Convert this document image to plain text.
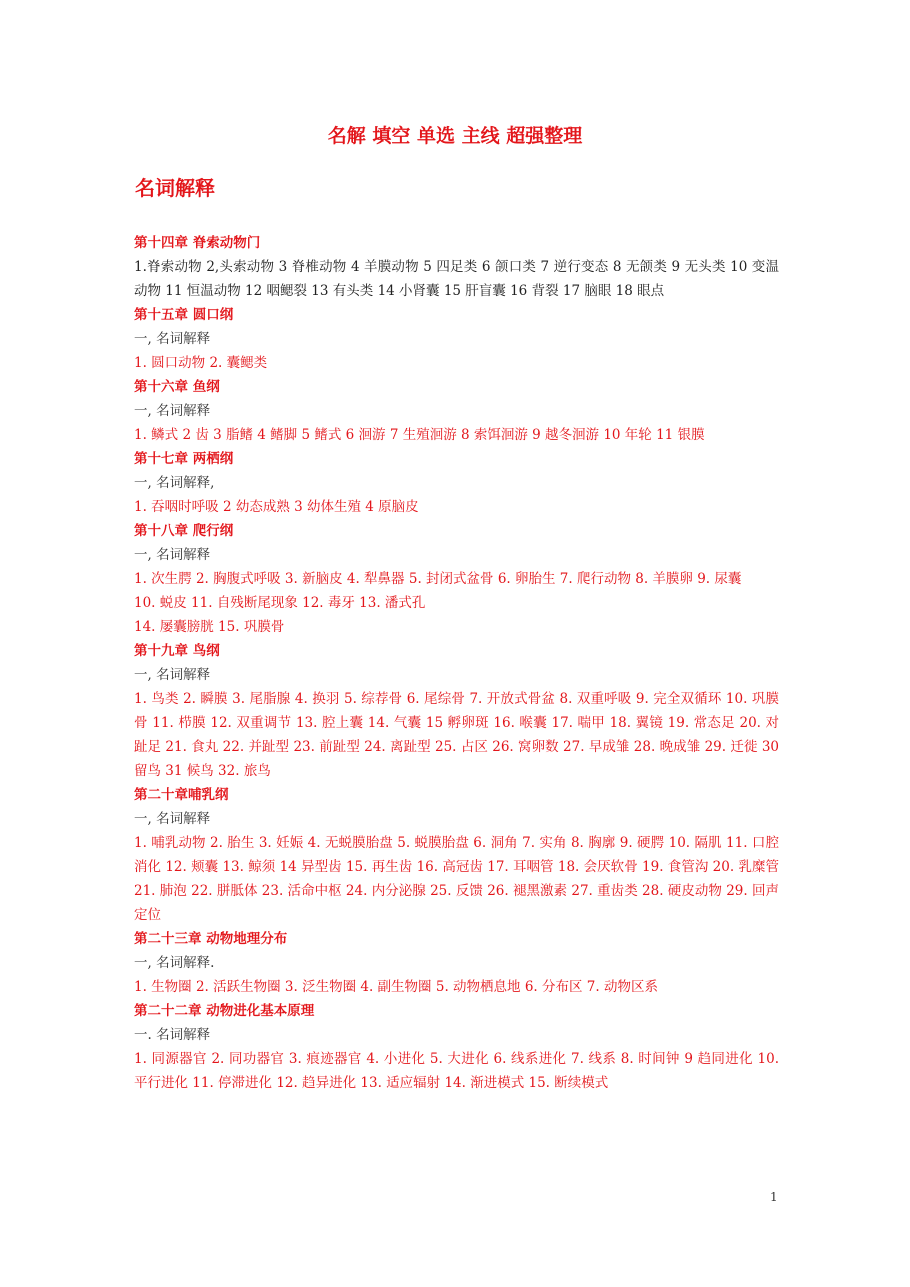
名解 填空 单选 主线 超强整理
名词解释
第十四章 脊索动物门

1.脊索动物 2,头索动物 3 脊椎动物 4 羊膜动物 5 四足类 6 颌口类 7 逆行变态 8 无颌类 9 无头类 10 变温动物 11 恒温动物 12 咽鳃裂 13 有头类 14 小肾囊 15 肝盲囊 16 背裂 17 脑眼 18 眼点

第十五章 圆口纲

一, 名词解释

1. 圆口动物 2. 囊鳃类

第十六章 鱼纲

一, 名词解释

1. 鳞式 2 齿 3 脂鳍 4 鳍脚 5 鳍式 6 洄游 7 生殖洄游 8 索饵洄游 9 越冬洄游 10 年轮 11 银膜

第十七章 两栖纲

一, 名词解释,

1. 吞咽时呼吸 2 幼态成熟 3 幼体生殖 4 原脑皮

第十八章 爬行纲

一, 名词解释

1. 次生腭 2. 胸腹式呼吸 3. 新脑皮 4. 犁鼻器 5. 封闭式盆骨 6. 卵胎生 7. 爬行动物 8. 羊膜卵 9. 尿囊

10. 蜕皮 11. 自残断尾现象 12. 毒牙 13. 潘式孔

14. 屡囊膀胱 15. 巩膜骨

第十九章 鸟纲

一, 名词解释

1. 鸟类 2. 瞬膜 3. 尾脂腺 4. 换羽 5. 综荐骨 6. 尾综骨 7. 开放式骨盆 8. 双重呼吸 9. 完全双循环 10. 巩膜骨 11. 栉膜 12. 双重调节 13. 腔上囊 14. 气囊 15 孵卵斑 16. 喉囊 17. 喘甲 18. 翼镜 19. 常态足 20. 对趾足 21. 食丸 22. 并趾型 23. 前趾型 24. 离趾型 25. 占区 26. 窝卵数 27. 早成雏 28. 晚成雏 29. 迁徙 30 留鸟 31 候鸟 32. 旅鸟

第二十章哺乳纲

一, 名词解释

1. 哺乳动物 2. 胎生 3. 妊娠 4. 无蜕膜胎盘 5. 蜕膜胎盘 6. 洞角 7. 实角 8. 胸廓 9. 硬腭 10. 隔肌 11. 口腔消化 12. 颊囊 13. 鲸须 14 异型齿 15. 再生齿 16. 高冠齿 17. 耳咽管 18. 会厌软骨 19. 食管沟 20. 乳糜管 21. 肺泡 22. 胼胝体 23. 活命中枢 24. 内分泌腺 25. 反馈 26. 褪黑激素 27. 重齿类 28. 硬皮动物 29. 回声定位

第二十三章 动物地理分布

一, 名词解释.

1. 生物圈 2. 活跃生物圈 3. 泛生物圈 4. 副生物圈 5. 动物栖息地 6. 分布区 7. 动物区系

第二十二章 动物进化基本原理

一. 名词解释

1. 同源器官 2. 同功器官 3. 痕迹器官 4. 小进化 5. 大进化 6. 线系进化 7. 线系 8. 时间钟 9 趋同进化 10. 平行进化 11. 停滞进化 12. 趋异进化 13. 适应辐射 14. 渐进模式 15. 断续模式

1
